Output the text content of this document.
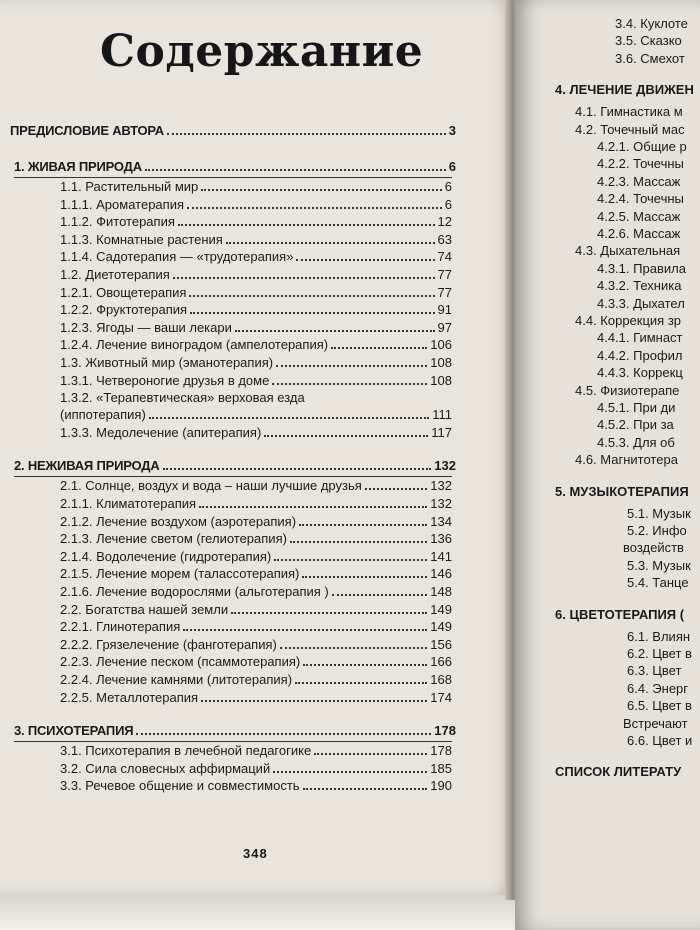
Содержание
ПРЕДИСЛОВИЕ АВТОРА	3
1. ЖИВАЯ ПРИРОДА	6
1.1. Растительный мир	6
1.1.1. Ароматерапия	6
1.1.2. Фитотерапия	12
1.1.3. Комнатные растения	63
1.1.4. Садотерапия — «трудотерапия»	74
1.2. Диетотерапия	77
1.2.1. Овощетерапия	77
1.2.2. Фруктотерапия	91
1.2.3. Ягоды — ваши лекари	97
1.2.4. Лечение виноградом (ампелотерапия)	106
1.3. Животный мир (эманотерапия)	108
1.3.1. Четвероногие друзья в доме	108
1.3.2. «Терапевтическая» верховая езда
(иппотерапия)	111
1.3.3. Медолечение (апитерапия)	117
2. НЕЖИВАЯ ПРИРОДА	132
2.1. Солнце, воздух и вода – наши лучшие друзья	132
2.1.1. Климатотерапия	132
2.1.2. Лечение воздухом (аэротерапия)	134
2.1.3. Лечение светом (гелиотерапия)	136
2.1.4. Водолечение (гидротерапия)	141
2.1.5. Лечение морем (талассотерапия)	146
2.1.6. Лечение водорослями (альготерапия )	148
2.2. Богатства нашей земли	149
2.2.1. Глинотерапия	149
2.2.2. Грязелечение (фанготерапия)	156
2.2.3. Лечение песком (псаммотерапия)	166
2.2.4. Лечение камнями (литотерапия)	168
2.2.5. Металлотерапия	174
3. ПСИХОТЕРАПИЯ	178
3.1. Психотерапия в лечебной педагогике	178
3.2. Сила словесных аффирмаций	185
3.3. Речевое общение и совместимость	190
348
3.4. Куклоте
3.5. Сказко
3.6. Смехот
4. ЛЕЧЕНИЕ ДВИЖЕН
4.1. Гимнастика м
4.2. Точечный мас
4.2.1. Общие р
4.2.2. Точечны
4.2.3. Массаж
4.2.4. Точечны
4.2.5. Массаж
4.2.6. Массаж
4.3. Дыхательная
4.3.1. Правила
4.3.2. Техника
4.3.3. Дыхател
4.4. Коррекция зр
4.4.1. Гимнаст
4.4.2. Профил
4.4.3. Коррекц
4.5. Физиотерапе
4.5.1. При ди
4.5.2. При за
4.5.3. Для об
4.6. Магнитотера
5. МУЗЫКОТЕРАПИЯ
5.1. Музык
5.2. Инфо
воздейств
5.3. Музык
5.4. Танце
6. ЦВЕТОТЕРАПИЯ (
6.1. Влиян
6.2. Цвет в
6.3. Цвет
6.4. Энерг
6.5. Цвет в
Встречают
6.6. Цвет и
СПИСОК ЛИТЕРАТУ
